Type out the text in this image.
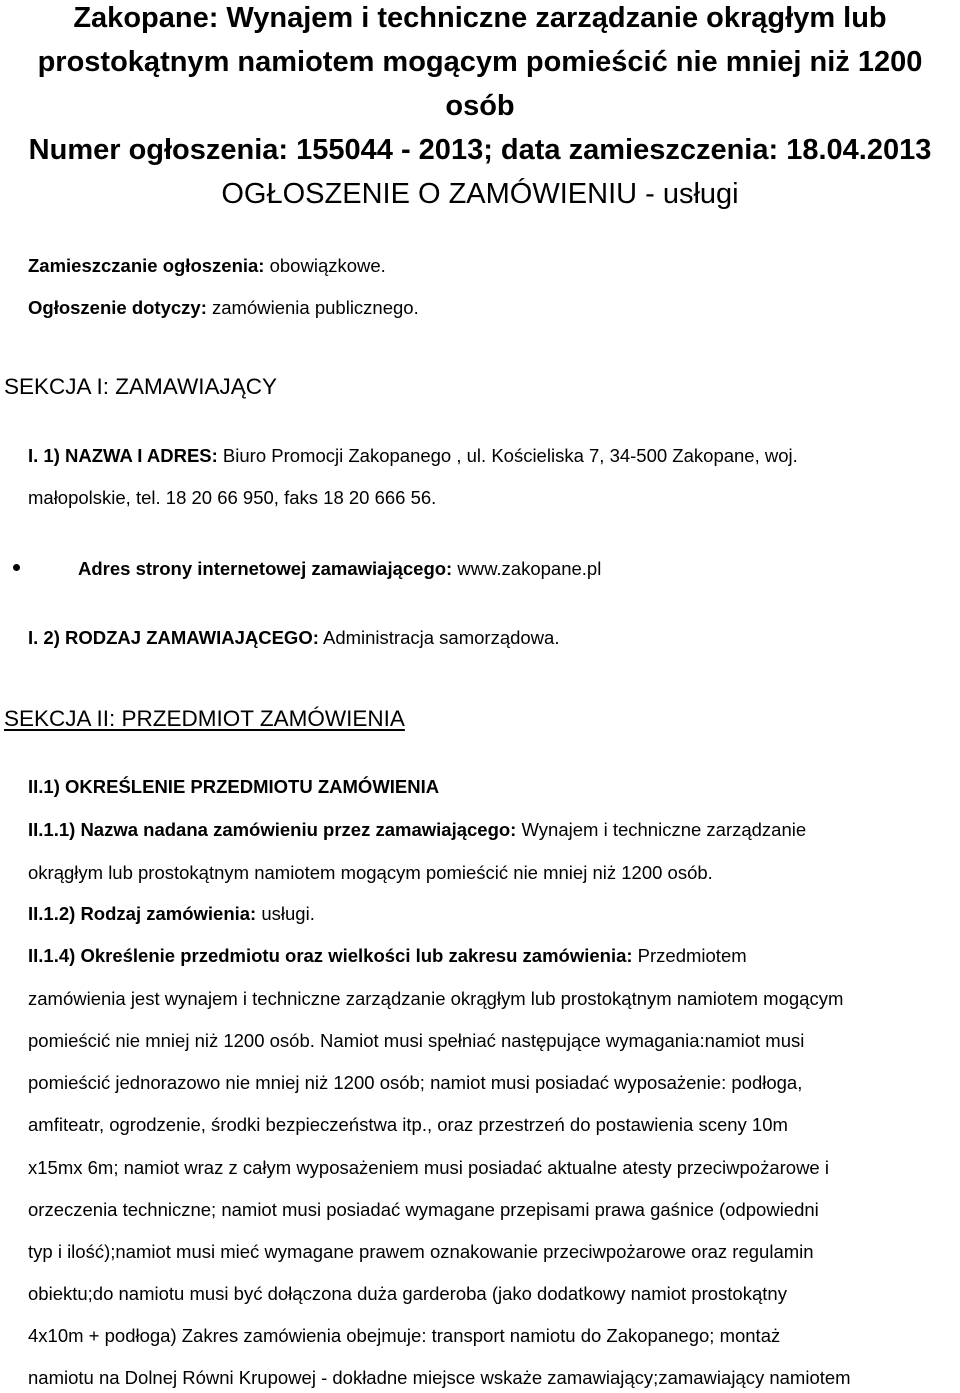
Zakopane: Wynajem i techniczne zarządzanie okrągłym lub
prostokątnym namiotem mogącym pomieścić nie mniej niż 1200
osób
Numer ogłoszenia: 155044 - 2013; data zamieszczenia: 18.04.2013
OGŁOSZENIE O ZAMÓWIENIU - usługi
Zamieszczanie ogłoszenia: obowiązkowe.
Ogłoszenie dotyczy: zamówienia publicznego.
SEKCJA I: ZAMAWIAJĄCY
I. 1) NAZWA I ADRES: Biuro Promocji Zakopanego , ul. Kościeliska 7, 34-500 Zakopane, woj.
małopolskie, tel. 18 20 66 950, faks 18 20 666 56.
Adres strony internetowej zamawiającego: www.zakopane.pl
I. 2) RODZAJ ZAMAWIAJĄCEGO: Administracja samorządowa.
SEKCJA II: PRZEDMIOT ZAMÓWIENIA
II.1) OKREŚLENIE PRZEDMIOTU ZAMÓWIENIA
II.1.1) Nazwa nadana zamówieniu przez zamawiającego: Wynajem i techniczne zarządzanie
okrągłym lub prostokątnym namiotem mogącym pomieścić nie mniej niż 1200 osób.
II.1.2) Rodzaj zamówienia: usługi.
II.1.4) Określenie przedmiotu oraz wielkości lub zakresu zamówienia: Przedmiotem
zamówienia jest wynajem i techniczne zarządzanie okrągłym lub prostokątnym namiotem mogącym
pomieścić nie mniej niż 1200 osób. Namiot musi spełniać następujące wymagania:namiot musi
pomieścić jednorazowo nie mniej niż 1200 osób; namiot musi posiadać wyposażenie: podłoga,
amfiteatr, ogrodzenie, środki bezpieczeństwa itp., oraz przestrzeń do postawienia sceny 10m
x15mx 6m; namiot wraz z całym wyposażeniem musi posiadać aktualne atesty przeciwpożarowe i
orzeczenia techniczne; namiot musi posiadać wymagane przepisami prawa gaśnice (odpowiedni
typ i ilość);namiot musi mieć wymagane prawem oznakowanie przeciwpożarowe oraz regulamin
obiektu;do namiotu musi być dołączona duża garderoba (jako dodatkowy namiot prostokątny
4x10m + podłoga) Zakres zamówienia obejmuje: transport namiotu do Zakopanego; montaż
namiotu na Dolnej Równi Krupowej - dokładne miejsce wskaże zamawiający;zamawiający namiotem
